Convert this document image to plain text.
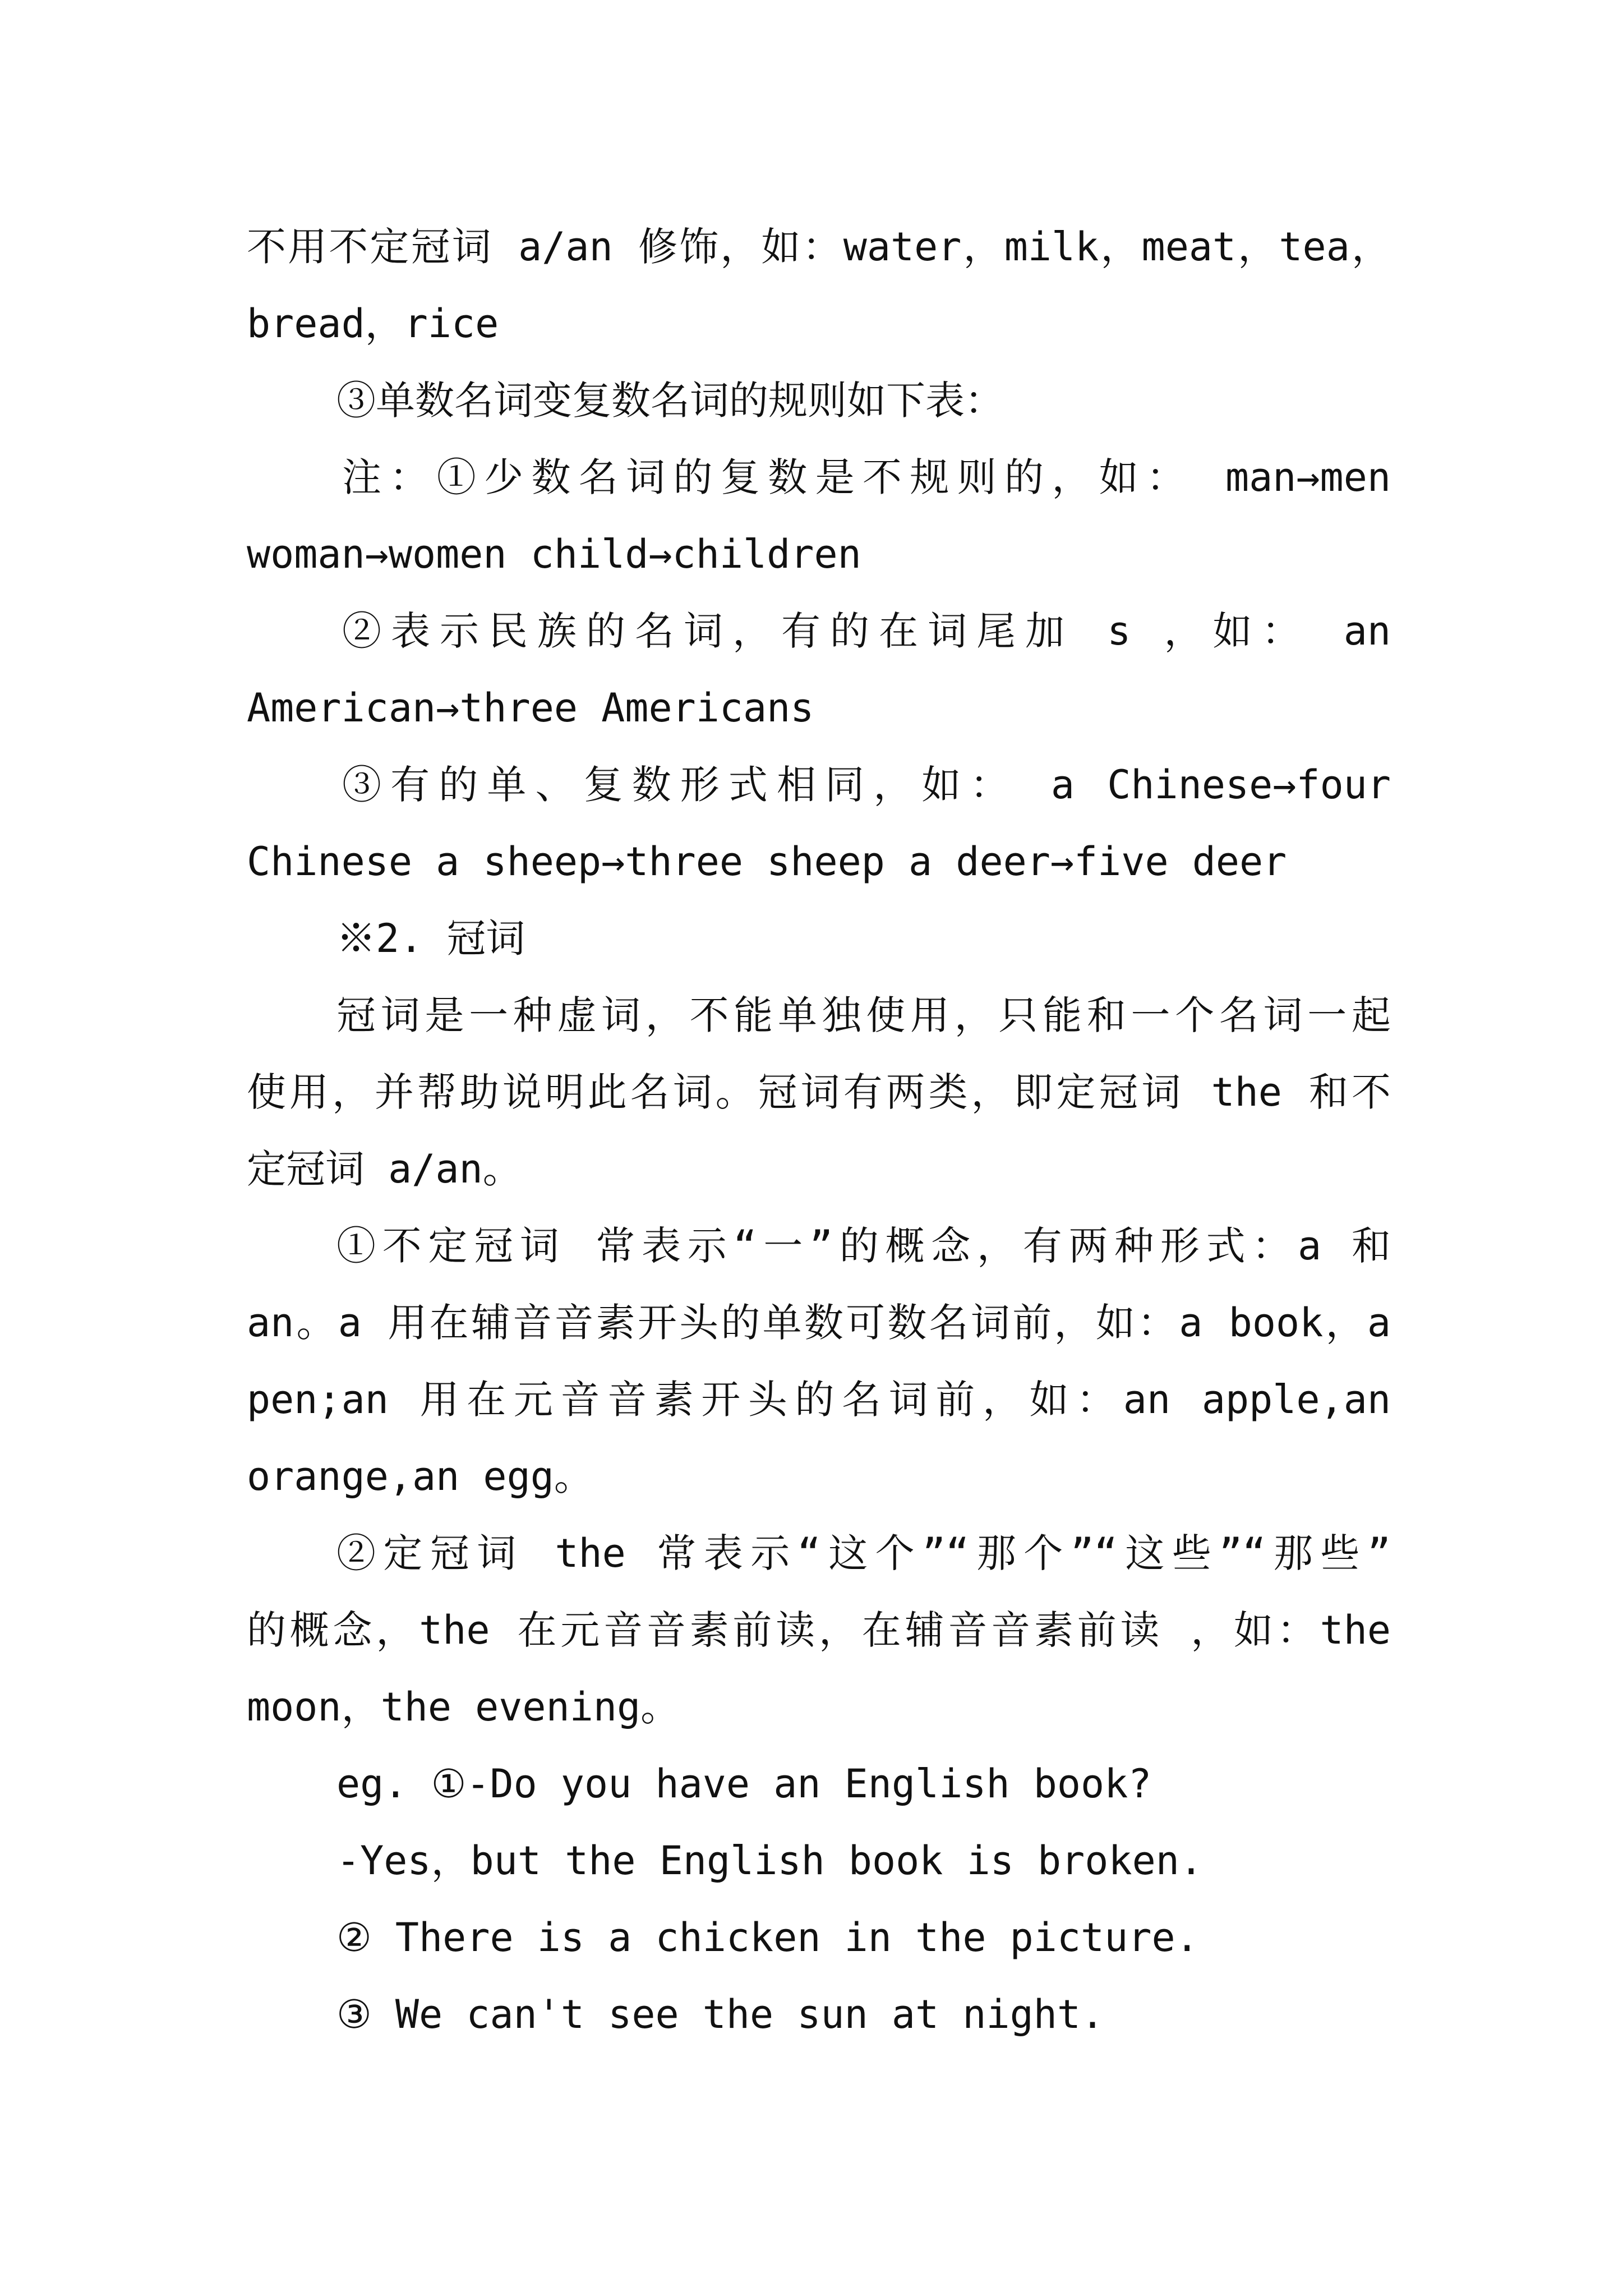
不用不定冠词 a/an 修饰，如：water，milk，meat，tea，
bread，rice
③单数名词变复数名词的规则如下表：
注：①少数名词的复数是不规则的，如： man→men
woman→women child→children
②表示民族的名词，有的在词尾加 s ，如： an
American→three Americans
③有的单、复数形式相同，如： a Chinese→four
Chinese a sheep→three sheep a deer→five deer
※2. 冠词
冠词是一种虚词，不能单独使用，只能和一个名词一起
使用，并帮助说明此名词。冠词有两类，即定冠词 the 和不
定冠词 a/an。
①不定冠词 常表示“一”的概念，有两种形式：a 和
an。a 用在辅音音素开头的单数可数名词前，如：a book，a
pen;an 用在元音音素开头的名词前，如：an apple,an
orange,an egg。
②定冠词 the 常表示“这个”“那个”“这些”“那些”
的概念，the 在元音音素前读，在辅音音素前读 ，如：the
moon，the evening。
eg. ①-Do you have an English book?
-Yes，but the English book is broken.
② There is a chicken in the picture.
③ We can't see the sun at night.
